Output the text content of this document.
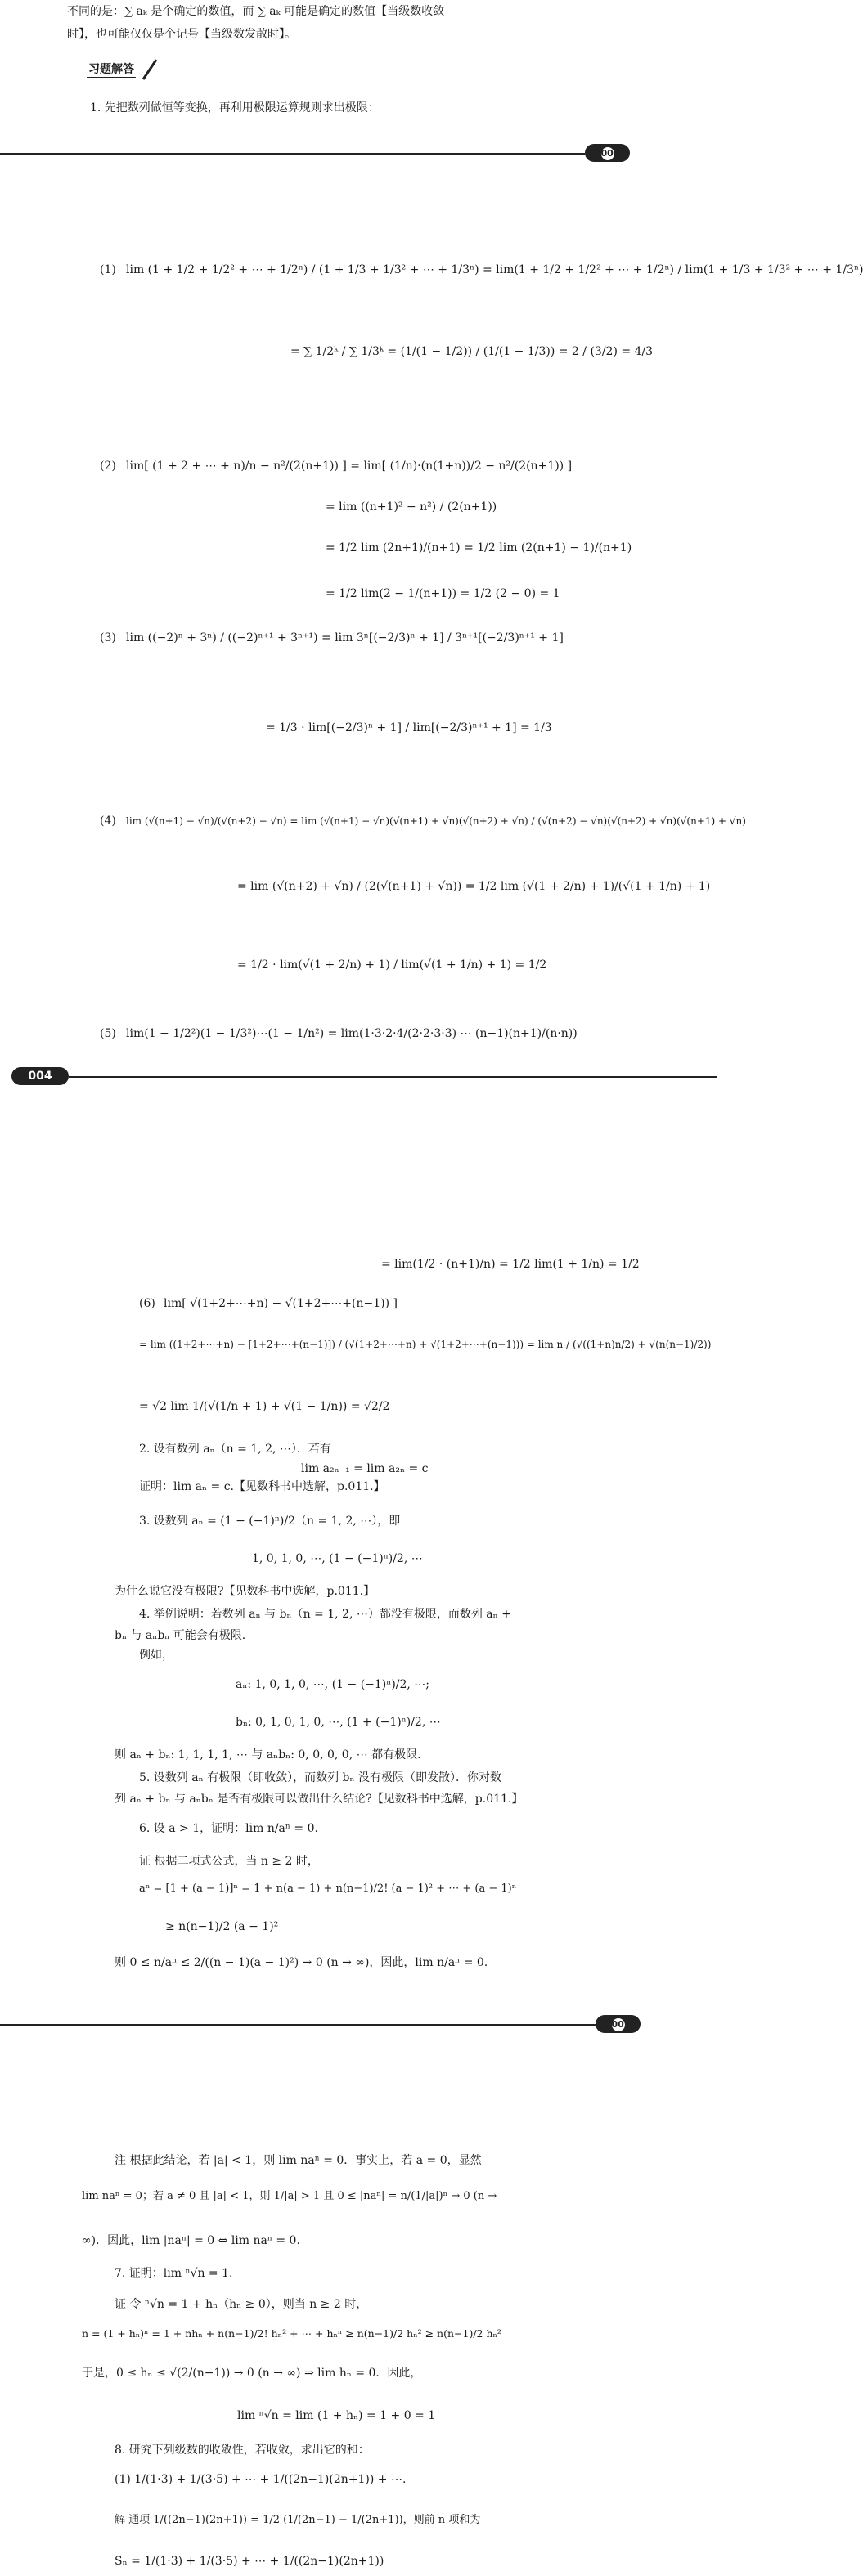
不同的是：∑ aₖ 是个确定的数值，而 ∑ aₖ 可能是确定的数值【当级数收敛
时】，也可能仅仅是个记号【当级数发散时】。
习题解答
1. 先把数列做恒等变换，再利用极限运算规则求出极限：
003
(1) lim (1 + 1/2 + 1/2² + ⋯ + 1/2ⁿ) / (1 + 1/3 + 1/3² + ⋯ + 1/3ⁿ) = lim(1 + 1/2 + 1/2² + ⋯ + 1/2ⁿ) / lim(1 + 1/3 + 1/3² + ⋯ + 1/3ⁿ)
= ∑ 1/2ᵏ / ∑ 1/3ᵏ = (1/(1 − 1/2)) / (1/(1 − 1/3)) = 2 / (3/2) = 4/3
(2) lim[ (1 + 2 + ⋯ + n)/n − n²/(2(n+1)) ] = lim[ (1/n)·(n(1+n))/2 − n²/(2(n+1)) ]
= lim ((n+1)² − n²) / (2(n+1))
= 1/2 lim (2n+1)/(n+1) = 1/2 lim (2(n+1) − 1)/(n+1)
= 1/2 lim(2 − 1/(n+1)) = 1/2 (2 − 0) = 1
(3) lim ((−2)ⁿ + 3ⁿ) / ((−2)ⁿ⁺¹ + 3ⁿ⁺¹) = lim 3ⁿ[(−2/3)ⁿ + 1] / 3ⁿ⁺¹[(−2/3)ⁿ⁺¹ + 1]
= 1/3 · lim[(−2/3)ⁿ + 1] / lim[(−2/3)ⁿ⁺¹ + 1] = 1/3
(4) lim (√(n+1) − √n)/(√(n+2) − √n) = lim (√(n+1) − √n)(√(n+1) + √n)(√(n+2) + √n) / (√(n+2) − √n)(√(n+2) + √n)(√(n+1) + √n)
= lim (√(n+2) + √n) / (2(√(n+1) + √n)) = 1/2 lim (√(1 + 2/n) + 1)/(√(1 + 1/n) + 1)
= 1/2 · lim(√(1 + 2/n) + 1) / lim(√(1 + 1/n) + 1) = 1/2
(5) lim(1 − 1/2²)(1 − 1/3²)⋯(1 − 1/n²) = lim(1·3·2·4/(2·2·3·3) ⋯ (n−1)(n+1)/(n·n))
004
= lim(1/2 · (n+1)/n) = 1/2 lim(1 + 1/n) = 1/2
(6) lim[ √(1+2+⋯+n) − √(1+2+⋯+(n−1)) ]
= lim ((1+2+⋯+n) − [1+2+⋯+(n−1)]) / (√(1+2+⋯+n) + √(1+2+⋯+(n−1))) = lim n / (√((1+n)n/2) + √(n(n−1)/2))
= √2 lim 1/(√(1/n + 1) + √(1 − 1/n)) = √2/2
2. 设有数列 aₙ（n = 1, 2, ⋯）．若有
lim a₂ₙ₋₁ = lim a₂ₙ = c
证明：lim aₙ = c.【见数科书中选解，p.011.】
3. 设数列 aₙ = (1 − (−1)ⁿ)/2（n = 1, 2, ⋯），即
1, 0, 1, 0, ⋯, (1 − (−1)ⁿ)/2, ⋯
为什么说它没有极限?【见数科书中选解，p.011.】
4. 举例说明：若数列 aₙ 与 bₙ（n = 1, 2, ⋯）都没有极限，而数列 aₙ +
bₙ 与 aₙbₙ 可能会有极限.
例如，
aₙ: 1, 0, 1, 0, ⋯, (1 − (−1)ⁿ)/2, ⋯;
bₙ: 0, 1, 0, 1, 0, ⋯, (1 + (−1)ⁿ)/2, ⋯
则 aₙ + bₙ: 1, 1, 1, 1, ⋯ 与 aₙbₙ: 0, 0, 0, 0, ⋯ 都有极限.
5. 设数列 aₙ 有极限（即收敛），而数列 bₙ 没有极限（即发散）．你对数
列 aₙ + bₙ 与 aₙbₙ 是否有极限可以做出什么结论?【见数科书中选解，p.011.】
6. 设 a > 1，证明：lim n/aⁿ = 0.
证 根据二项式公式，当 n ≥ 2 时，
aⁿ = [1 + (a − 1)]ⁿ = 1 + n(a − 1) + n(n−1)/2! (a − 1)² + ⋯ + (a − 1)ⁿ
≥ n(n−1)/2 (a − 1)²
则 0 ≤ n/aⁿ ≤ 2/((n − 1)(a − 1)²) → 0 (n → ∞)，因此，lim n/aⁿ = 0.
005
注 根据此结论，若 |a| < 1，则 lim naⁿ = 0．事实上，若 a = 0，显然
lim naⁿ = 0；若 a ≠ 0 且 |a| < 1，则 1/|a| > 1 且 0 ≤ |naⁿ| = n/(1/|a|)ⁿ → 0 (n →
∞)．因此，lim |naⁿ| = 0 ⇔ lim naⁿ = 0.
7. 证明：lim ⁿ√n = 1.
证 令 ⁿ√n = 1 + hₙ（hₙ ≥ 0），则当 n ≥ 2 时，
n = (1 + hₙ)ⁿ = 1 + nhₙ + n(n−1)/2! hₙ² + ⋯ + hₙⁿ ≥ n(n−1)/2 hₙ² ≥ n(n−1)/2 hₙ²
于是，0 ≤ hₙ ≤ √(2/(n−1)) → 0 (n → ∞) ⇒ lim hₙ = 0．因此，
lim ⁿ√n = lim (1 + hₙ) = 1 + 0 = 1
8. 研究下列级数的收敛性，若收敛，求出它的和：
(1) 1/(1·3) + 1/(3·5) + ⋯ + 1/((2n−1)(2n+1)) + ⋯.
解 通项 1/((2n−1)(2n+1)) = 1/2 (1/(2n−1) − 1/(2n+1))，则前 n 项和为
Sₙ = 1/(1·3) + 1/(3·5) + ⋯ + 1/((2n−1)(2n+1))
